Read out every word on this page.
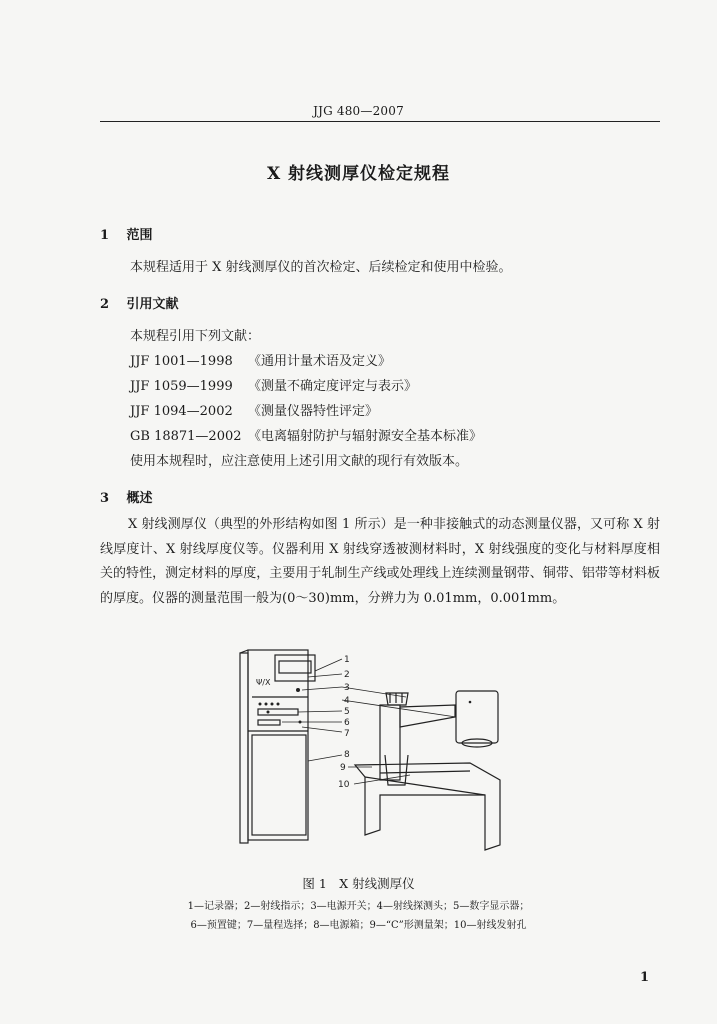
JJG 480—2007
X 射线测厚仪检定规程
1 范围
本规程适用于 X 射线测厚仪的首次检定、后续检定和使用中检验。
2 引用文献
本规程引用下列文献：
JJF 1001—1998 《通用计量术语及定义》
JJF 1059—1999 《测量不确定度评定与表示》
JJF 1094—2002 《测量仪器特性评定》
GB 18871—2002 《电离辐射防护与辐射源安全基本标准》
使用本规程时，应注意使用上述引用文献的现行有效版本。
3 概述
X 射线测厚仪（典型的外形结构如图 1 所示）是一种非接触式的动态测量仪器，又可称 X 射线厚度计、X 射线厚度仪等。仪器利用 X 射线穿透被测材料时，X 射线强度的变化与材料厚度相关的特性，测定材料的厚度，主要用于轧制生产线或处理线上连续测量钢带、铜带、铝带等材料板的厚度。仪器的测量范围一般为(0～30)mm，分辨力为 0.01mm，0.001mm。
Ψ/X
1
2
3
4
5
6
7
8
9
10
图 1　X 射线测厚仪
1—记录器；2—射线指示；3—电源开关；4—射线探测头；5—数字显示器；
6—预置键；7—量程选择；8—电源箱；9—“C”形测量架；10—射线发射孔
1
